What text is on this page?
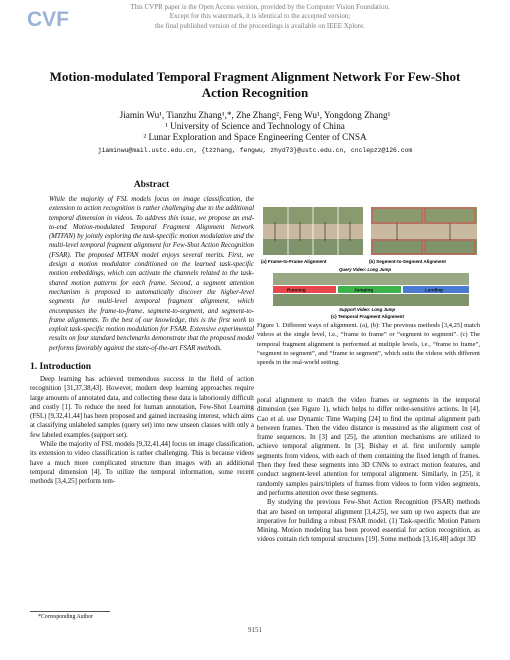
CVF
This CVPR paper is the Open Access version, provided by the Computer Vision Foundation.
Except for this watermark, it is identical to the accepted version;
the final published version of the proceedings is available on IEEE Xplore.
Motion-modulated Temporal Fragment Alignment Network For Few-Shot
Action Recognition
Jiamin Wu¹, Tianzhu Zhang¹,*, Zhe Zhang², Feng Wu¹, Yongdong Zhang¹
¹ University of Science and Technology of China
² Lunar Exploration and Space Engineering Center of CNSA
jiaminwu@mail.ustc.edu.cn, {tzzhang, fengwu, zhyd73}@ustc.edu.cn, cnclepzz@126.com
Abstract
While the majority of FSL models focus on image classification, the extension to action recognition is rather challenging due to the additional temporal dimension in videos. To address this issue, we propose an end-to-end Motion-modulated Temporal Fragment Alignment Network (MTFAN) by jointly exploring the task-specific motion modulation and the multi-level temporal fragment alignment for Few-Shot Action Recognition (FSAR). The proposed MTFAN model enjoys several merits. First, we design a motion modulator conditioned on the learned task-specific motion embeddings, which can activate the channels related to the task-shared motion patterns for each frame. Second, a segment attention mechanism is proposed to automatically discover the higher-level segments for multi-level temporal fragment alignment, which encompasses the frame-to-frame, segment-to-segment, and segment-to-frame alignments. To the best of our knowledge, this is the first work to exploit task-specific motion modulation for FSAR. Extensive experimental results on four standard benchmarks demonstrate that the proposed model performs favorably against the state-of-the-art FSAR methods.
1. Introduction

Deep learning has achieved tremendous success in the field of action recognition [31,37,38,43]. However, modern deep learning approaches require large amounts of annotated data, and collecting these data is laboriously difficult and costly [1]. To reduce the need for human annotation, Few-Shot Learning (FSL) [9,32,41,44] has been proposed and gained increasing interest, which aims at classifying unlabeled samples (query set) into new unseen classes with only a few labeled examples (support set).

While the majority of FSL models [9,32,41,44] focus on image classification, its extension to video classification is rather challenging. This is because videos have a much more complicated structure than images with an additional temporal dimension [4]. To utilize the temporal information, some recent methods [3,4,25] perform tem-

(a) Frame-to-Frame Alignment	(b) Segment-to-Segment Alignment
Query Video: Long Jump
Running	Jumping	Landing
Support Video: Long Jump
(c) Temporal Fragment Alignment
Figure 1. Different ways of alignment. (a), (b): The previous methods [3,4,25] match videos at the single level, i.e., “frame to frame” or “segment to segment”. (c) The temporal fragment alignment is performed at multiple levels, i.e., “frame to frame”, “segment to segment”, and “frame to segment”, which suits the videos with different speeds in the real-world setting.

poral alignment to match the video frames or segments in the temporal dimension (see Figure 1), which helps to differ order-sensitive actions. In [4], Cao et al. use Dynamic Time Warping [24] to find the optimal alignment path between frames. Then the video distance is measured as the alignment cost of frame sequences. In [3] and [25], the attention mechanisms are utilized to achieve temporal alignment. In [3], Bishay et al. first uniformly sample segments from videos, with each of them containing the fixed length of frames. Then they feed these segments into 3D CNNs to extract motion features, and conduct segment-level attention for temporal alignment. Similarly, in [25], it randomly samples pairs/triplets of frames from videos to form video segments, and performs attention over these segments.

By studying the previous Few-Shot Action Recognition (FSAR) methods that are based on temporal alignment [3,4,25], we sum up two aspects that are imperative for building a robust FSAR model. (1) Task-specific Motion Pattern Mining. Motion modeling has been proved essential for action recognition, as videos contain rich temporal structures [19]. Some methods [3,16,48] adopt 3D

*Corresponding Author
9151
